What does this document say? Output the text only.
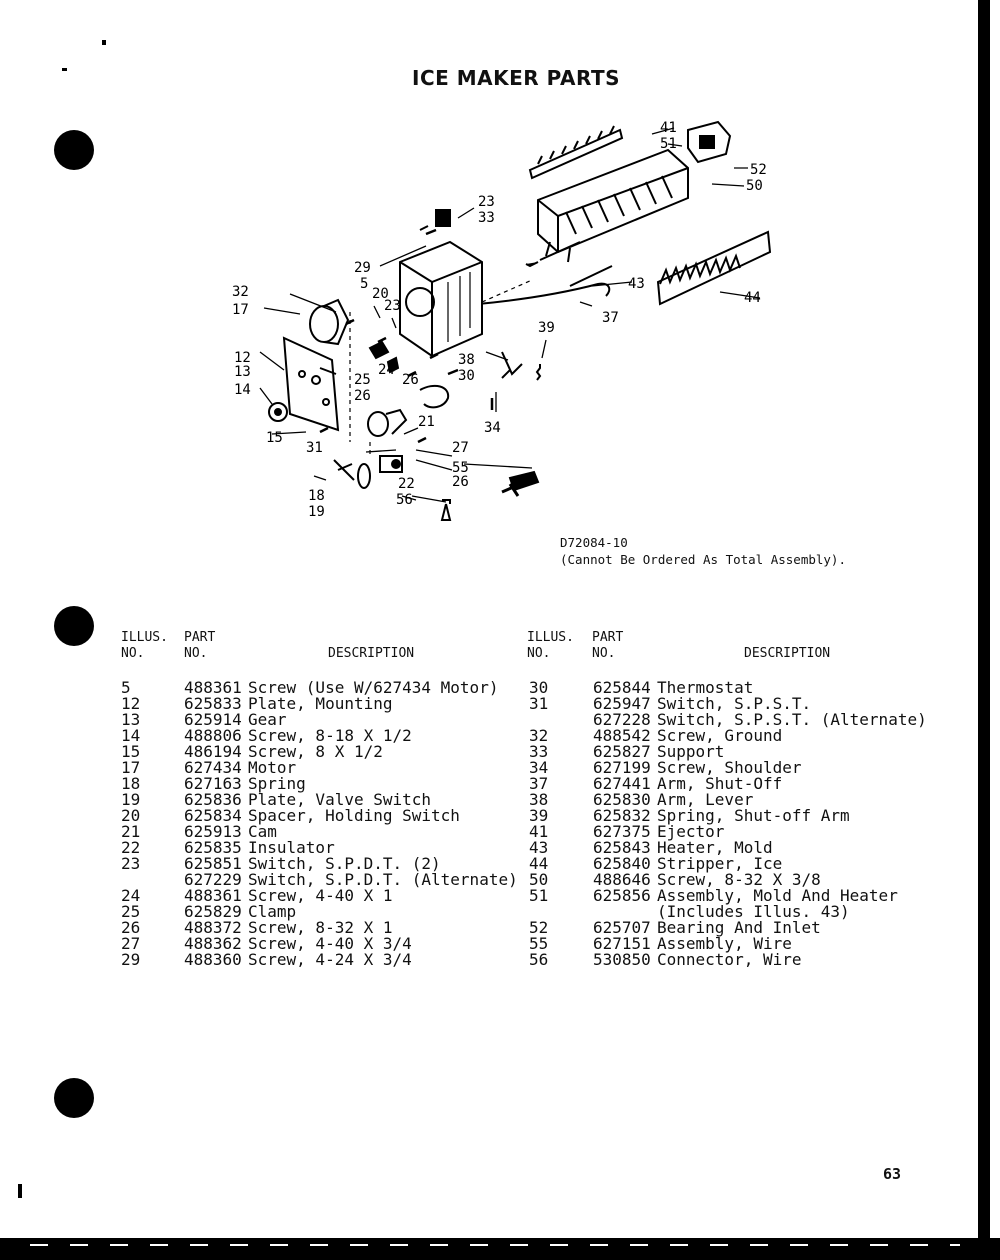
ICE MAKER PARTS
41
51
52
50
23
33
29
5
32
17
20
23
12
13
14
15
24
26
25
26
21
31	27
18
19
22
55
26
56
38
30
39
34
43
37
44
D72084-10
(Cannot Be Ordered As Total Assembly).
ILLUS.
NO.
PART
NO.	DESCRIPTION
ILLUS.
NO.
PART
NO.	DESCRIPTION
5	488361 Screw (Use W/627434 Motor)
12	625833 Plate, Mounting
13	625914 Gear
14	488806 Screw, 8-18 X 1/2
15	486194 Screw, 8 X 1/2
17	627434 Motor
18	627163 Spring
19	625836 Plate, Valve Switch
20	625834 Spacer, Holding Switch
21	625913 Cam
22	625835 Insulator
23	625851 Switch, S.P.D.T. (2)
627229 Switch, S.P.D.T. (Alternate)
24	488361 Screw, 4-40 X 1
25	625829 Clamp
26	488372 Screw, 8-32 X 1
27	488362 Screw, 4-40 X 3/4
29	488360 Screw, 4-24 X 3/4
30	625844 Thermostat
31	625947 Switch, S.P.S.T.
627228 Switch, S.P.S.T. (Alternate)
32	488542 Screw, Ground
33	625827 Support
34	627199 Screw, Shoulder
37	627441 Arm, Shut-Off
38	625830 Arm, Lever
39	625832 Spring, Shut-off Arm
41	627375 Ejector
43	625843 Heater, Mold
44	625840 Stripper, Ice
50	488646 Screw, 8-32 X 3/8
51	625856 Assembly, Mold And Heater
(Includes Illus. 43)
52	625707 Bearing And Inlet
55	627151 Assembly, Wire
56	530850 Connector, Wire
63
